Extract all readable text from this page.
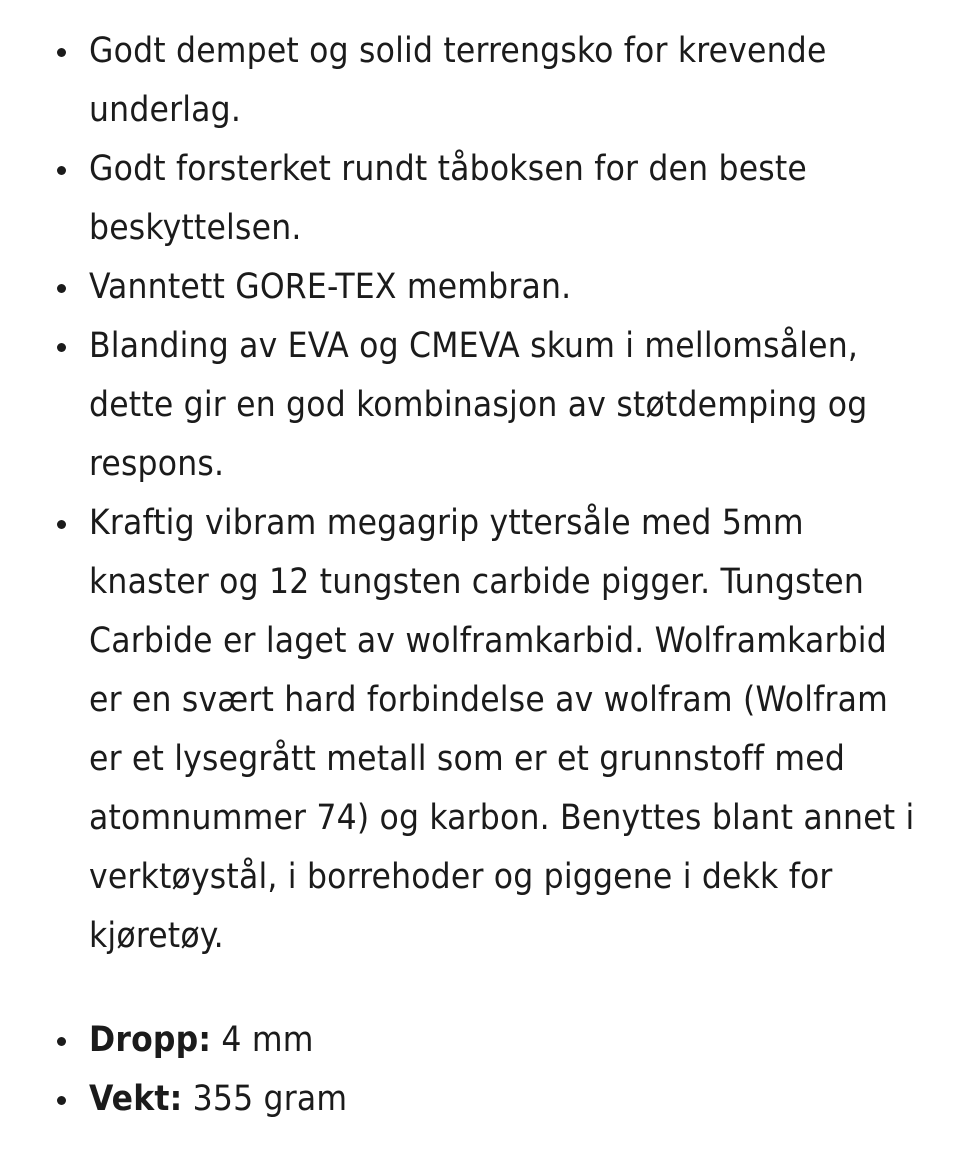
Godt dempet og solid terrengsko for krevende underlag.
Godt forsterket rundt tåboksen for den beste beskyttelsen.
Vanntett GORE-TEX membran.
Blanding av EVA og CMEVA skum i mellomsålen, dette gir en god kombinasjon av støtdemping og respons.
Kraftig vibram megagrip yttersåle med 5mm knaster og 12 tungsten carbide pigger. Tungsten Carbide er laget av wolframkarbid. Wolframkarbid er en svært hard forbindelse av wolfram (Wolfram er et lysegrått metall som er et grunnstoff med atomnummer 74) og karbon. Benyttes blant annet i verktøystål, i borrehoder og piggene i dekk for kjøretøy.
Dropp: 4 mm
Vekt: 355 gram
